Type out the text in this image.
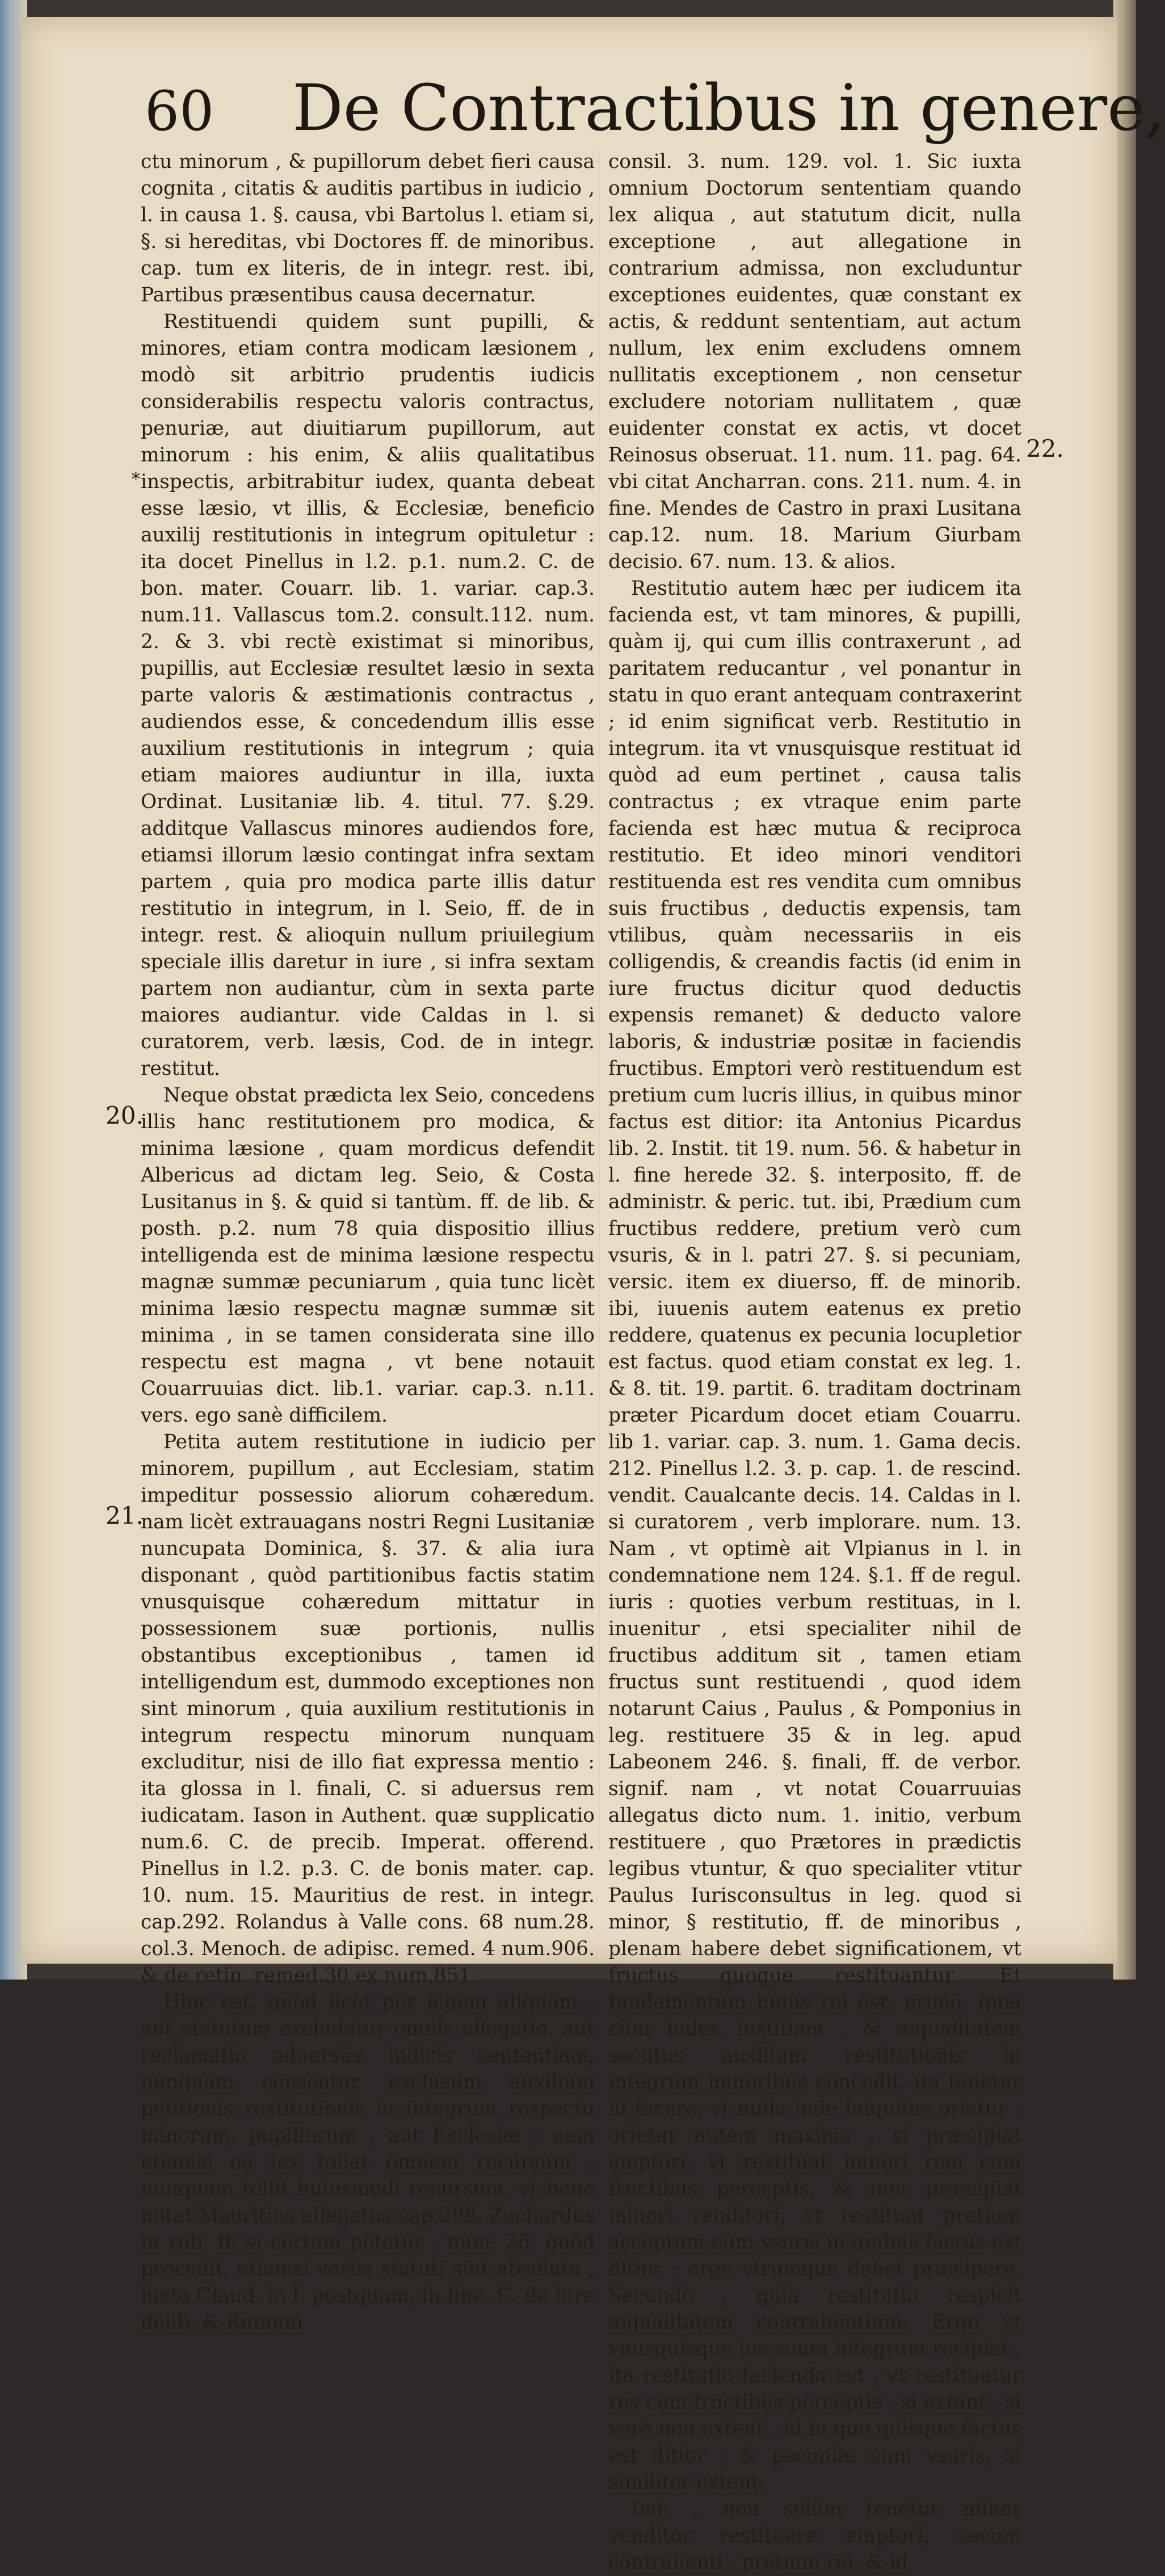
60 De Contractibus in genere,

ctu minorum , & pupillorum debet fieri causa cognita , citatis & auditis partibus in iudicio , l. in causa 1. §. causa, vbi Bartolus l. etiam si, §. si hereditas, vbi Doctores ff. de minoribus. cap. tum ex literis, de in integr. rest. ibi, Partibus præsentibus causa decernatur.

Restituendi quidem sunt pupilli, & minores, etiam contra modicam læsionem , modò sit arbitrio prudentis iudicis considerabilis respectu valoris contractus, penuriæ, aut diuitiarum pupillorum, aut minorum : his enim, & aliis qualitatibus inspectis, arbitrabitur iudex, quanta debeat esse læsio, vt illis, & Ecclesiæ, beneficio auxilij restitutionis in integrum opituletur : ita docet Pinellus in l.2. p.1. num.2. C. de bon. mater. Couarr. lib. 1. variar. cap.3. num.11. Vallascus tom.2. consult.112. num. 2. & 3. vbi rectè existimat si minoribus, pupillis, aut Ecclesiæ resultet læsio in sexta parte valoris & æstimationis contractus , audiendos esse, & concedendum illis esse auxilium restitutionis in integrum ; quia etiam maiores audiuntur in illa, iuxta Ordinat. Lusitaniæ lib. 4. titul. 77. §.29. additque Vallascus minores audiendos fore, etiamsi illorum læsio contingat infra sextam partem , quia pro modica parte illis datur restitutio in integrum, in l. Seio, ff. de in integr. rest. & alioquin nullum priuilegium speciale illis daretur in iure , si infra sextam partem non audiantur, cùm in sexta parte maiores audiantur. vide Caldas in l. si curatorem, verb. læsis, Cod. de in integr. restitut.

Neque obstat prædicta lex Seio, concedens illis hanc restitutionem pro modica, & minima læsione , quam mordicus defendit Albericus ad dictam leg. Seio, & Costa Lusitanus in §. & quid si tantùm. ff. de lib. & posth. p.2. num 78 quia dispositio illius intelligenda est de minima læsione respectu magnæ summæ pecuniarum , quia tunc licèt minima læsio respectu magnæ summæ sit minima , in se tamen considerata sine illo respectu est magna , vt bene notauit Couarruuias dict. lib.1. variar. cap.3. n.11. vers. ego sanè difficilem.

Petita autem restitutione in iudicio per minorem, pupillum , aut Ecclesiam, statim impeditur possessio aliorum cohæredum. nam licèt extrauagans nostri Regni Lusitaniæ nuncupata Dominica, §. 37. & alia iura disponant , quòd partitionibus factis statim vnusquisque cohæredum mittatur in possessionem suæ portionis, nullis obstantibus exceptionibus , tamen id intelligendum est, dummodo exceptiones non sint minorum , quia auxilium restitutionis in integrum respectu minorum nunquam excluditur, nisi de illo fiat expressa mentio : ita glossa in l. finali, C. si aduersus rem iudicatam. Iason in Authent. quæ supplicatio num.6. C. de precib. Imperat. offerend. Pinellus in l.2. p.3. C. de bonis mater. cap. 10. num. 15. Mauritius de rest. in integr. cap.292. Rolandus à Valle cons. 68 num.28. col.3. Menoch. de adipisc. remed. 4 num.906. & de retin. remed.30 ex num.851.

Hinc est, quòd licèt per legem aliquam , aut statutum excludatur omnis allegatio, aut reclamatio aduersùs iudicis sententiam, nunquam censeatur exclusum auxilium petitionis restitutionis in integrum respectu minorum, pupillorum , aut Ecclesiæ ; nam etiamsi ea lex tollat omnem recursum , nunquam tollit huiusmodi recursum, vt bene notat Mauritius allegatus cap.298. Zuchardus in rub. ff. si certum petatur , num. 26. quod procedit, etiamsi verba statuti sint absoluta , iuxta Claud. in l. postquam, in fine. C. de iure delib. & Ruinum

consil. 3. num. 129. vol. 1. Sic iuxta omnium Doctorum sententiam quando lex aliqua , aut statutum dicit, nulla exceptione , aut allegatione in contrarium admissa, non excluduntur exceptiones euidentes, quæ constant ex actis, & reddunt sententiam, aut actum nullum, lex enim excludens omnem nullitatis exceptionem , non censetur excludere notoriam nullitatem , quæ euidenter constat ex actis, vt docet Reinosus obseruat. 11. num. 11. pag. 64. vbi citat Ancharran. cons. 211. num. 4. in fine. Mendes de Castro in praxi Lusitana cap.12. num. 18. Marium Giurbam decisio. 67. num. 13. & alios.

Restitutio autem hæc per iudicem ita facienda est, vt tam minores, & pupilli, quàm ij, qui cum illis contraxerunt , ad paritatem reducantur , vel ponantur in statu in quo erant antequam contraxerint ; id enim significat verb. Restitutio in integrum. ita vt vnusquisque restituat id quòd ad eum pertinet , causa talis contractus ; ex vtraque enim parte facienda est hæc mutua & reciproca restitutio. Et ideo minori venditori restituenda est res vendita cum omnibus suis fructibus , deductis expensis, tam vtilibus, quàm necessariis in eis colligendis, & creandis factis (id enim in iure fructus dicitur quod deductis expensis remanet) & deducto valore laboris, & industriæ positæ in faciendis fructibus. Emptori verò restituendum est pretium cum lucris illius, in quibus minor factus est ditior: ita Antonius Picardus lib. 2. Instit. tit 19. num. 56. & habetur in l. fine herede 32. §. interposito, ff. de administr. & peric. tut. ibi, Prædium cum fructibus reddere, pretium verò cum vsuris, & in l. patri 27. §. si pecuniam, versic. item ex diuerso, ff. de minorib. ibi, iuuenis autem eatenus ex pretio reddere, quatenus ex pecunia locupletior est factus. quod etiam constat ex leg. 1. & 8. tit. 19. partit. 6. traditam doctrinam præter Picardum docet etiam Couarru. lib 1. variar. cap. 3. num. 1. Gama decis. 212. Pinellus l.2. 3. p. cap. 1. de rescind. vendit. Caualcante decis. 14. Caldas in l. si curatorem , verb implorare. num. 13. Nam , vt optimè ait Vlpianus in l. in condemnatione nem 124. §.1. ff de regul. iuris : quoties verbum restituas, in l. inuenitur , etsi specialiter nihil de fructibus additum sit , tamen etiam fructus sunt restituendi , quod idem notarunt Caius , Paulus , & Pomponius in leg. restituere 35 & in leg. apud Labeonem 246. §. finali, ff. de verbor. signif. nam , vt notat Couarruuias allegatus dicto num. 1. initio, verbum restituere , quo Prætores in prædictis legibus vtuntur, & quo specialiter vtitur Paulus Iurisconsultus in leg. quod si minor, § restitutio, ff. de minoribus , plenam habere debet significationem, vt fructus quoque restituantur. Et fundamentum huius rei est, primò, quia cùm iudex iustitiam , & æqualitatem secutus auxilium restitutionis in integrum minoribus concedit, ita tenetur id facere, vt nulla inde iniquitas oriatur : orietur autem maxima , si præcipiat emptori, vt restituat minori rem cum fructibus perceptis, & non præcipiat minori venditori, vt restituat pretium acceptum cum vsuris in quibus factus est ditior ; ergo vtrumque debet præcipere. Secundò , quia restitutio respicit æqualitatem contrahentium. Ergo vt vnusquisque ius suum integrum recipiat , ita restitutio facienda est , vt restituatur res cum fructibus perceptis , si extant , si verò non extent , id in quo quisque factus est ditior ; & pecuniæ cum vsuris, si similiter extent.

Imò , non solùm tenetur minor venditor restituere emptori, secum contrahenti , pretium rei, & id

20.
21.
22.
*
